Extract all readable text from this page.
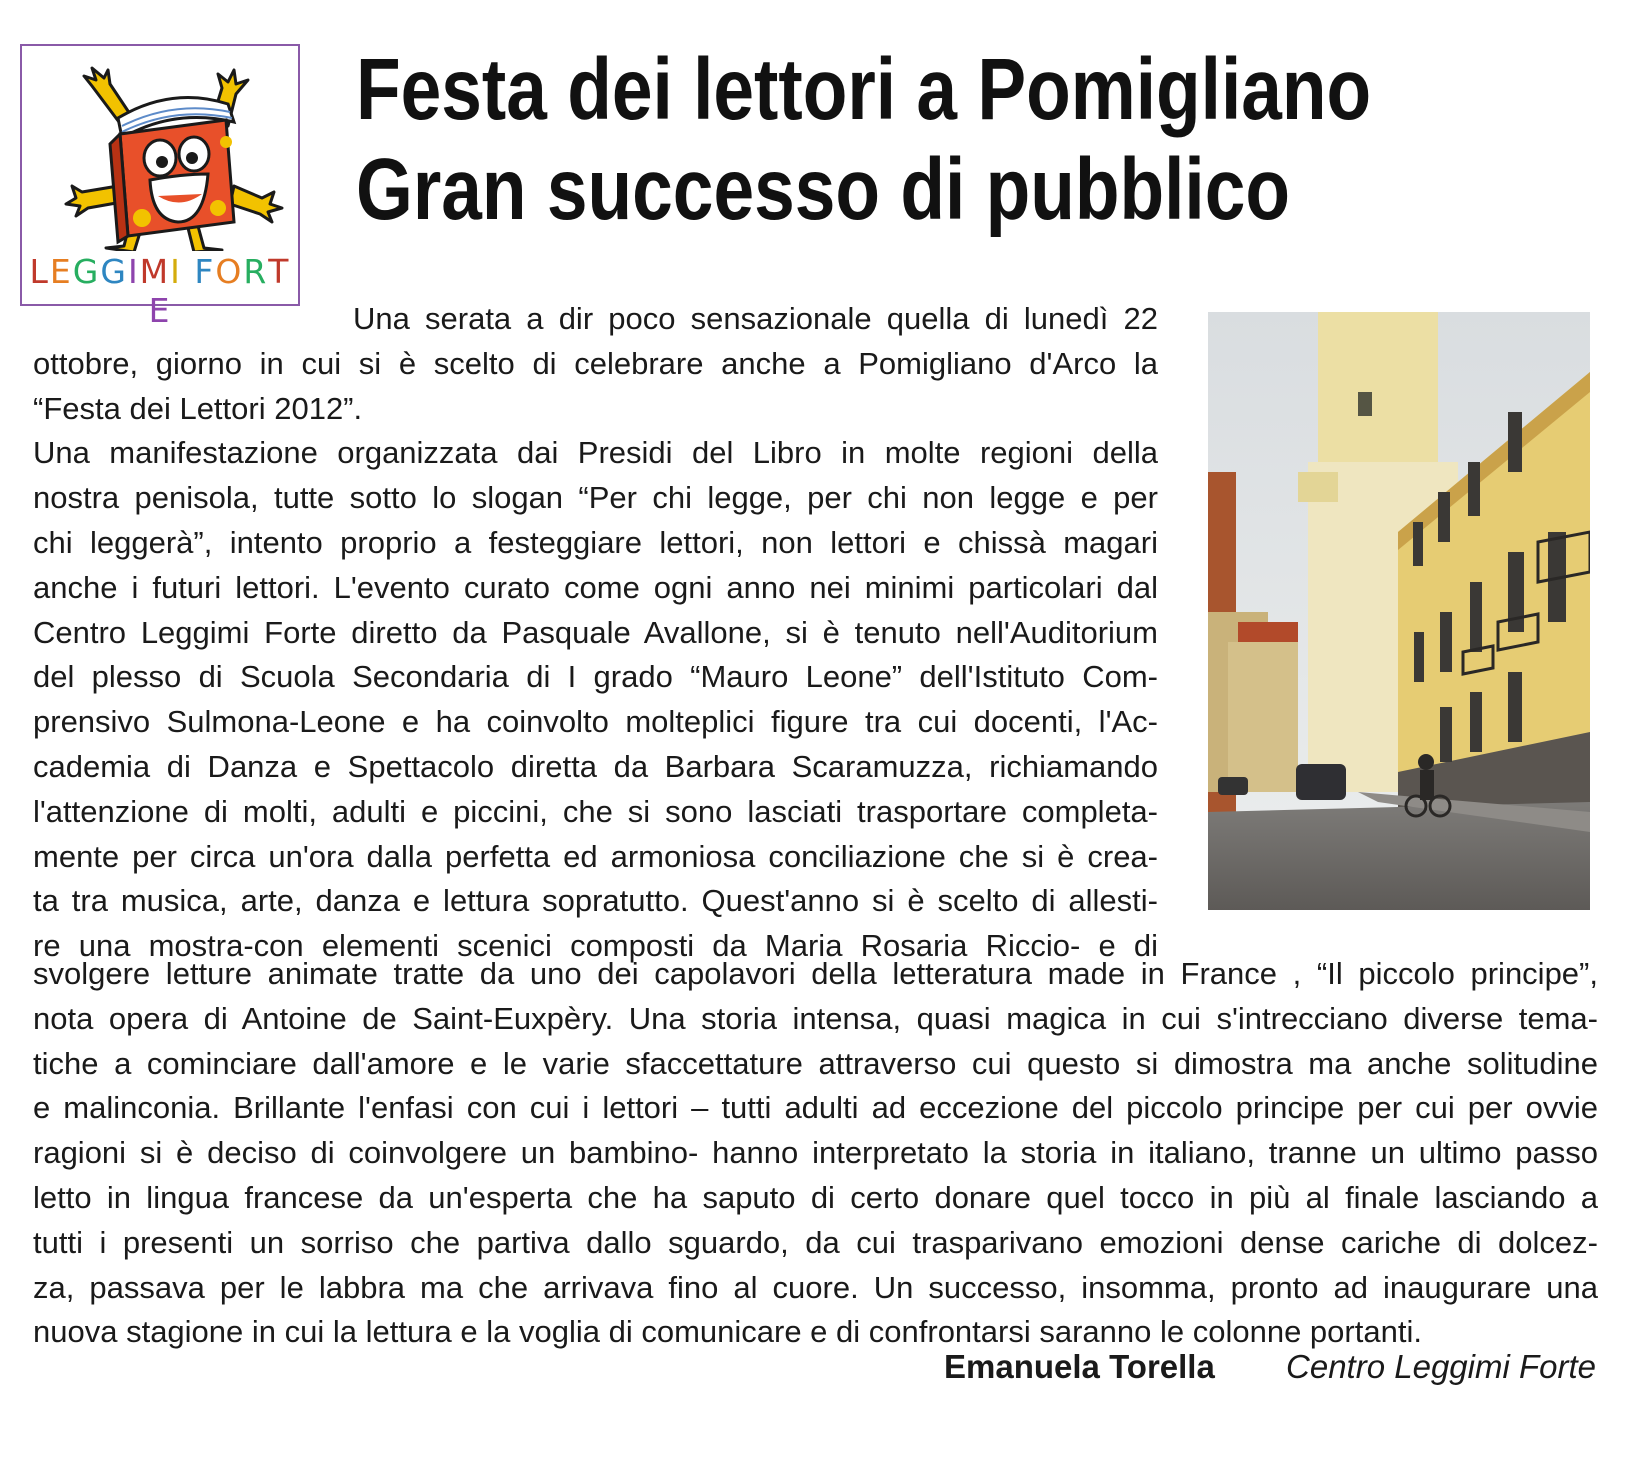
LEGGIMI FORTE
Festa dei lettori a Pomigliano
Gran successo di pubblico
Una serata a dir poco sensazionale quella di lunedì 22
ottobre, giorno in cui si è scelto di celebrare anche a Pomigliano d'Arco la
“Festa dei Lettori 2012”.
Una manifestazione organizzata dai Presidi del Libro in molte regioni della
nostra penisola, tutte sotto lo slogan “Per chi legge, per chi non legge e per
chi leggerà”, intento proprio a festeggiare lettori, non lettori e chissà magari
anche i futuri lettori. L'evento curato come ogni anno nei minimi particolari dal
Centro Leggimi Forte diretto da Pasquale Avallone, si è tenuto nell'Auditorium
del plesso di Scuola Secondaria di I grado “Mauro Leone” dell'Istituto Com-
prensivo Sulmona-Leone e ha coinvolto molteplici figure tra cui docenti, l'Ac-
cademia di Danza e Spettacolo diretta da Barbara Scaramuzza, richiamando
l'attenzione di molti, adulti e piccini, che si sono lasciati trasportare completa-
mente per circa un'ora dalla perfetta ed armoniosa conciliazione che si è crea-
ta tra musica, arte, danza e lettura sopratutto. Quest'anno si è scelto di allesti-
re una mostra-con elementi scenici composti da Maria Rosaria Riccio- e di
svolgere letture animate tratte da uno dei capolavori della letteratura made in France , “Il piccolo principe”,
nota opera di Antoine de Saint-Euxpèry. Una storia intensa, quasi magica in cui s'intrecciano diverse tema-
tiche a cominciare dall'amore e le varie sfaccettature attraverso cui questo si dimostra ma anche solitudine
e malinconia. Brillante l'enfasi con cui i lettori – tutti adulti ad eccezione del piccolo principe per cui per ovvie
ragioni si è deciso di coinvolgere un bambino- hanno interpretato la storia in italiano, tranne un ultimo passo
letto in lingua francese da un'esperta che ha saputo di certo donare quel tocco in più al finale lasciando a
tutti i presenti un sorriso che partiva dallo sguardo, da cui trasparivano emozioni dense cariche di dolcez-
za, passava per le labbra ma che arrivava fino al cuore. Un successo, insomma, pronto ad inaugurare una
nuova stagione in cui la lettura e la voglia di comunicare e di confrontarsi saranno le colonne portanti.
Emanuela Torella Centro Leggimi Forte
